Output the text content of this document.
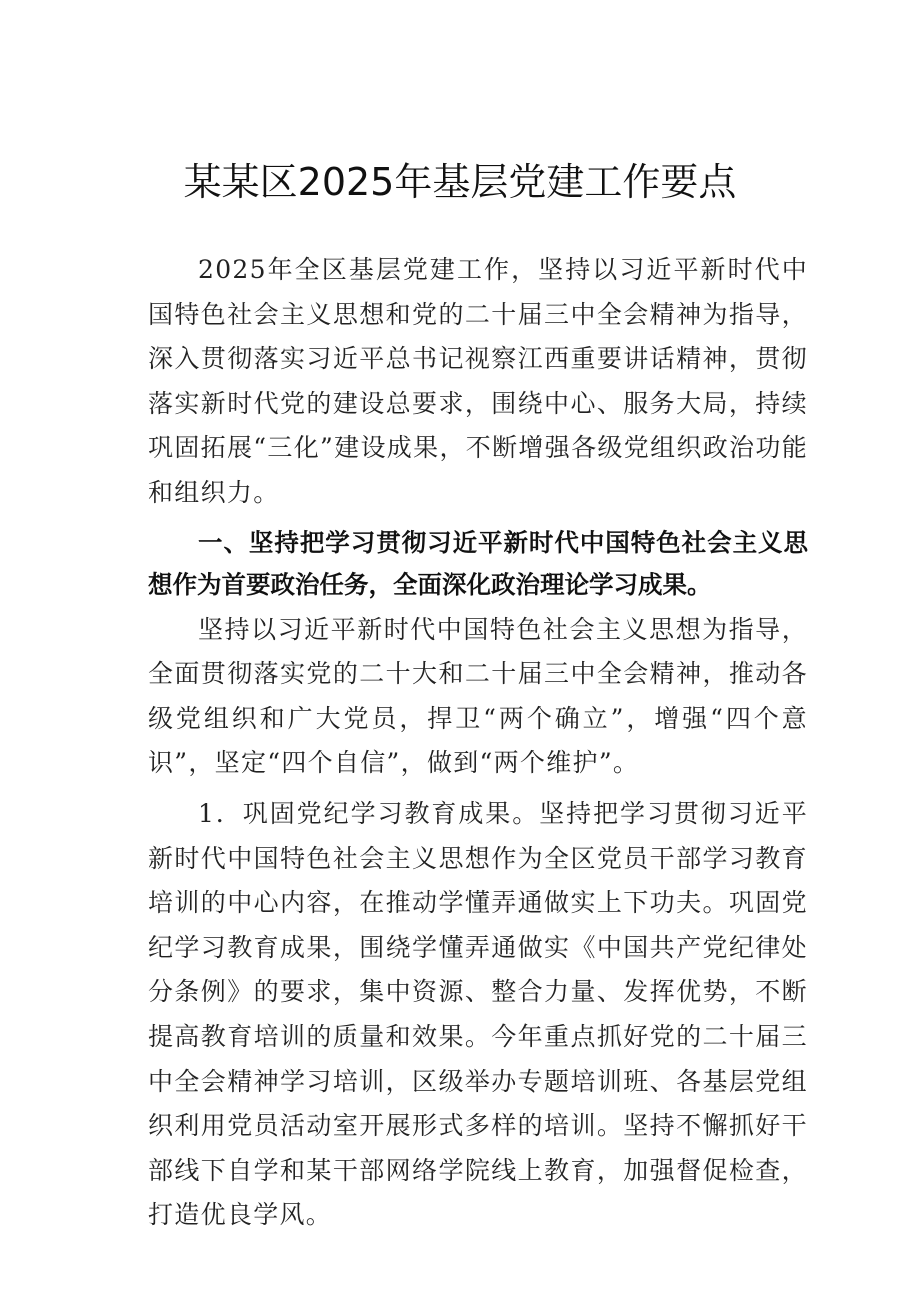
某某区2025年基层党建工作要点

2025年全区基层党建工作，坚持以习近平新时代中国特色社会主义思想和党的二十届三中全会精神为指导，深入贯彻落实习近平总书记视察江西重要讲话精神，贯彻落实新时代党的建设总要求，围绕中心、服务大局，持续巩固拓展“三化”建设成果，不断增强各级党组织政治功能和组织力。

一、坚持把学习贯彻习近平新时代中国特色社会主义思想作为首要政治任务，全面深化政治理论学习成果。

坚持以习近平新时代中国特色社会主义思想为指导，全面贯彻落实党的二十大和二十届三中全会精神，推动各级党组织和广大党员，捍卫“两个确立”，增强“四个意识”，坚定“四个自信”，做到“两个维护”。

1．巩固党纪学习教育成果。坚持把学习贯彻习近平新时代中国特色社会主义思想作为全区党员干部学习教育培训的中心内容，在推动学懂弄通做实上下功夫。巩固党纪学习教育成果，围绕学懂弄通做实《中国共产党纪律处分条例》的要求，集中资源、整合力量、发挥优势，不断提高教育培训的质量和效果。今年重点抓好党的二十届三中全会精神学习培训，区级举办专题培训班、各基层党组织利用党员活动室开展形式多样的培训。坚持不懈抓好干部线下自学和某干部网络学院线上教育，加强督促检查，打造优良学风。
